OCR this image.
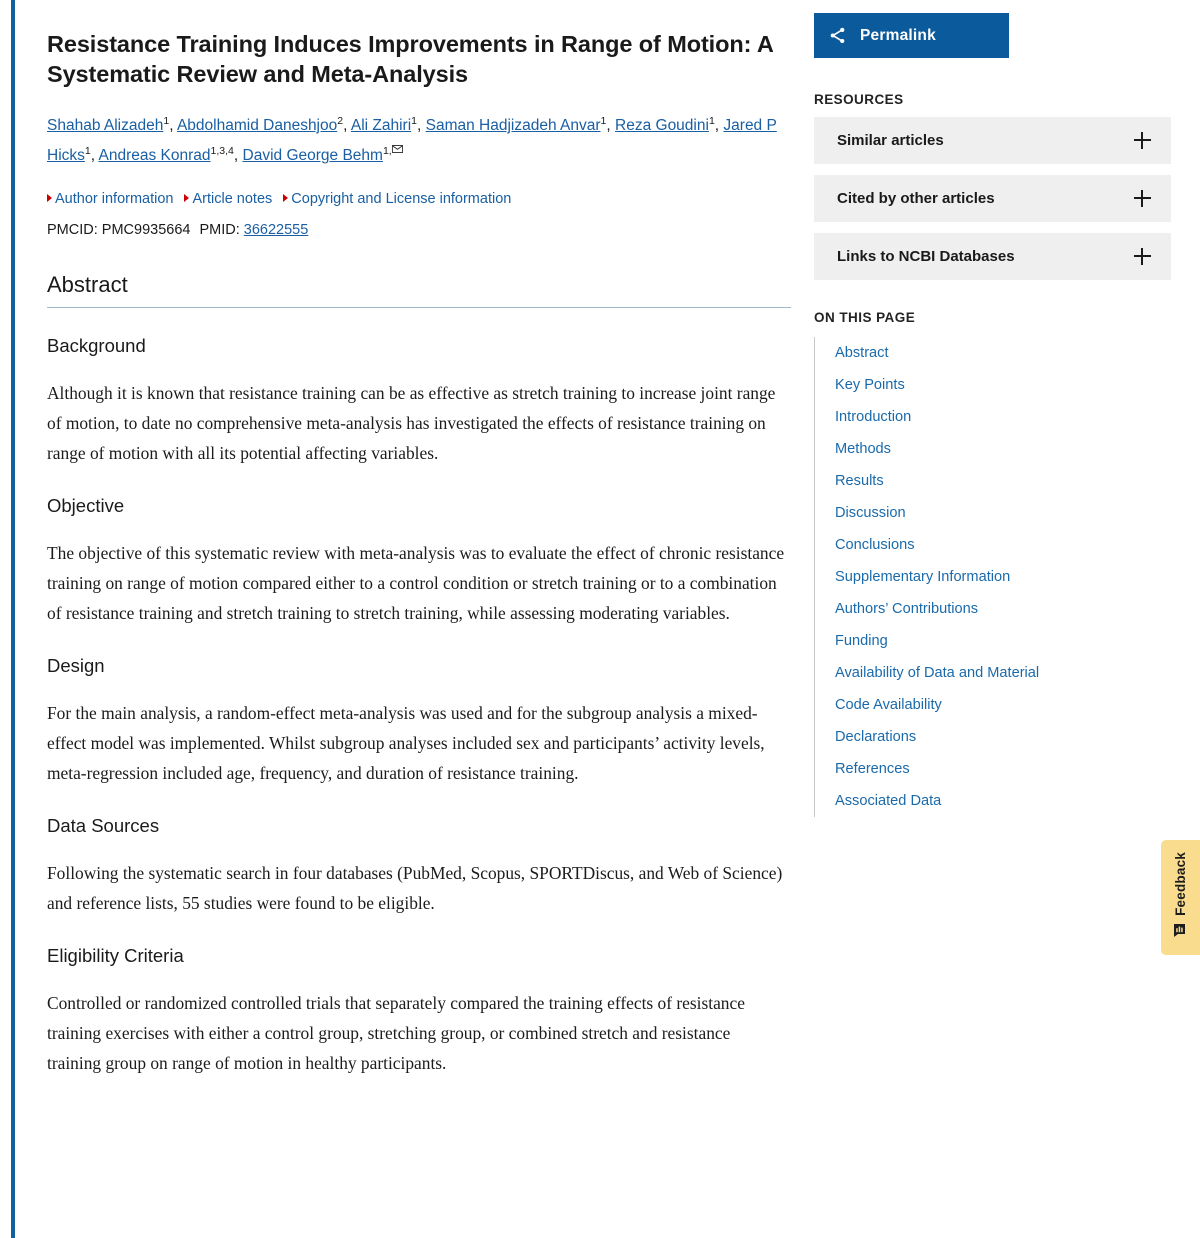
Resistance Training Induces Improvements in Range of Motion: A Systematic Review and Meta-Analysis
Shahab Alizadeh$^1$, Abdolhamid Daneshjoo$^2$, Ali Zahiri$^1$, Saman Hadjizadeh Anvar$^1$, Reza Goudini$^1$, Jared P Hicks$^1$, Andreas Konrad$^{1,3,4}$, David George Behm$^{1,}$
Author information Article notes Copyright and License information
PMCID: PMC9935664 PMID: 36622555
Abstract
Background

Although it is known that resistance training can be as effective as stretch training to increase joint range of motion, to date no comprehensive meta-analysis has investigated the effects of resistance training on range of motion with all its potential affecting variables.

Objective

The objective of this systematic review with meta-analysis was to evaluate the effect of chronic resistance training on range of motion compared either to a control condition or stretch training or to a combination of resistance training and stretch training to stretch training, while assessing moderating variables.

Design

For the main analysis, a random-effect meta-analysis was used and for the subgroup analysis a mixed-effect model was implemented. Whilst subgroup analyses included sex and participants’ activity levels, meta-regression included age, frequency, and duration of resistance training.

Data Sources

Following the systematic search in four databases (PubMed, Scopus, SPORTDiscus, and Web of Science) and reference lists, 55 studies were found to be eligible.

Eligibility Criteria

Controlled or randomized controlled trials that separately compared the training effects of resistance training exercises with either a control group, stretching group, or combined stretch and resistance training group on range of motion in healthy participants.

Permalink
RESOURCES
Similar articles
Cited by other articles
Links to NCBI Databases
ON THIS PAGE
Abstract
Key Points
Introduction
Methods
Results
Discussion
Conclusions
Supplementary Information
Authors’ Contributions
Funding
Availability of Data and Material
Code Availability
Declarations
References
Associated Data
Feedback
